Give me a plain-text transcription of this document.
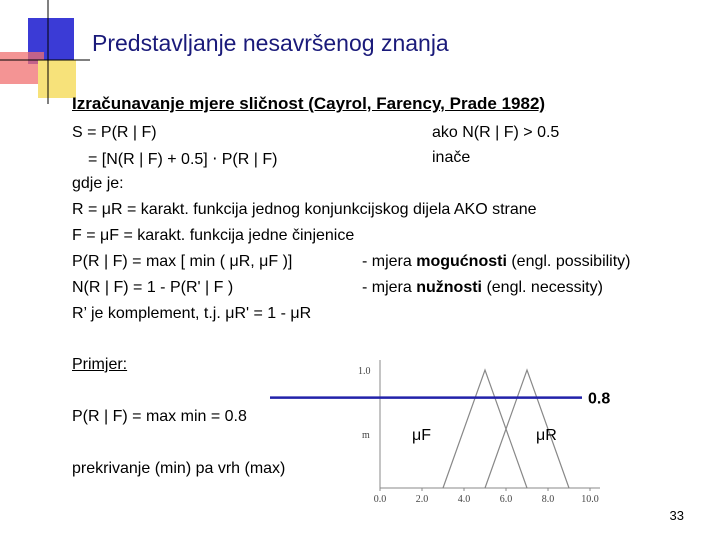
Predstavljanje nesavršenog znanja
Izračunavanje mjere sličnost (Cayrol, Farency, Prade 1982)
S = P(R | F)	ako N(R | F) > 0.5
= [N(R | F) + 0.5] ⋅ P(R | F)	inače
gdje je:
R = μR = karakt. funkcija jednog konjunkcijskog dijela AKO strane
F = μF = karakt. funkcija jedne činjenice
P(R | F) = max [ min ( μR, μF )]	- mjera mogućnosti (engl. possibility)
N(R | F) = 1 - P(R' | F )	- mjera nužnosti (engl. necessity)
R’ je komplement, t.j. μR' = 1 - μR
Primjer:
P(R | F) = max min = 0.8
prekrivanje (min) pa vrh (max)
1.0
m
0.0	2.0	4.0	6.0	8.0	10.0
0.8
μF	μR
33
